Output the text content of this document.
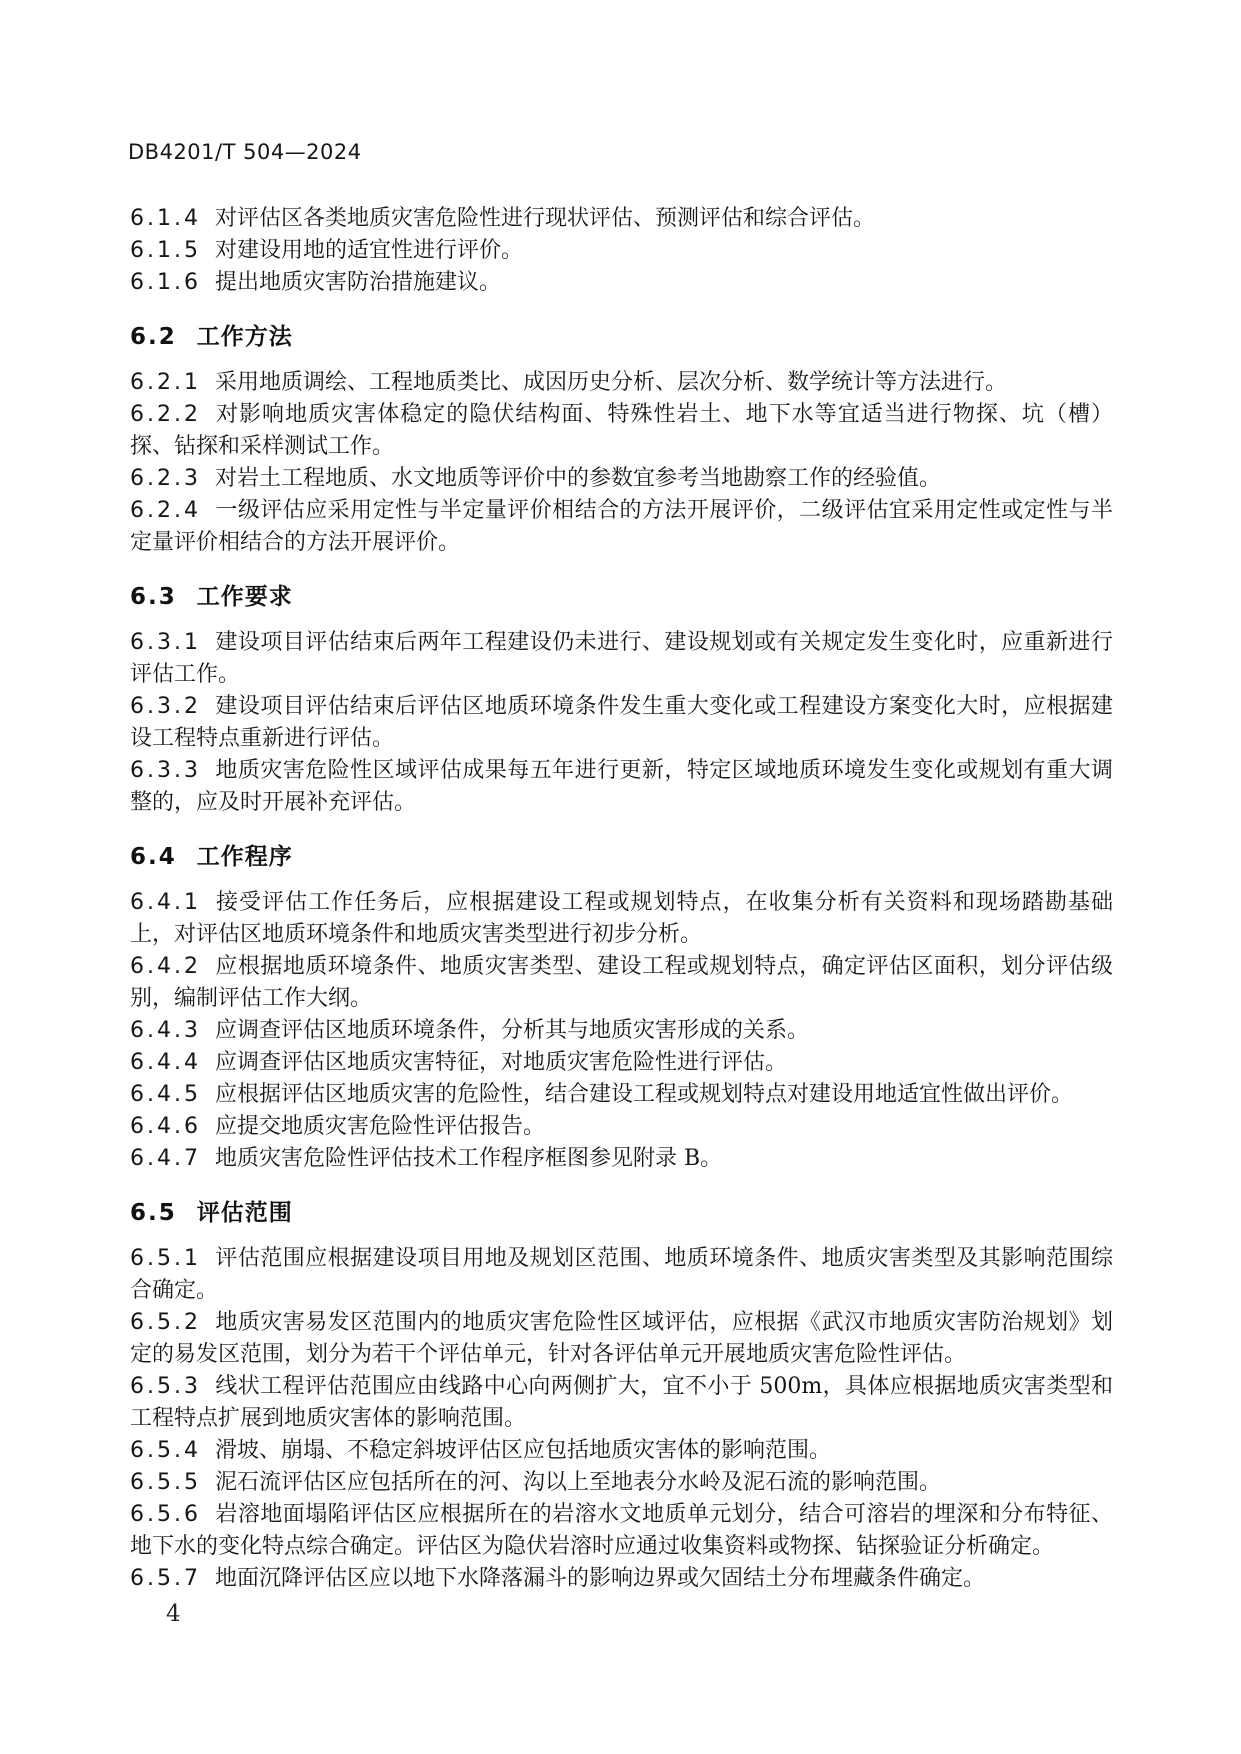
DB4201/T 504—2024

6.1.4 对评估区各类地质灾害危险性进行现状评估、预测评估和综合评估。

6.1.5 对建设用地的适宜性进行评价。

6.1.6 提出地质灾害防治措施建议。

6.2 工作方法

6.2.1 采用地质调绘、工程地质类比、成因历史分析、层次分析、数学统计等方法进行。

6.2.2 对影响地质灾害体稳定的隐伏结构面、特殊性岩土、地下水等宜适当进行物探、坑（槽）探、钻探和采样测试工作。

6.2.3 对岩土工程地质、水文地质等评价中的参数宜参考当地勘察工作的经验值。

6.2.4 一级评估应采用定性与半定量评价相结合的方法开展评价，二级评估宜采用定性或定性与半定量评价相结合的方法开展评价。

6.3 工作要求

6.3.1 建设项目评估结束后两年工程建设仍未进行、建设规划或有关规定发生变化时，应重新进行评估工作。

6.3.2 建设项目评估结束后评估区地质环境条件发生重大变化或工程建设方案变化大时，应根据建设工程特点重新进行评估。

6.3.3 地质灾害危险性区域评估成果每五年进行更新，特定区域地质环境发生变化或规划有重大调整的，应及时开展补充评估。

6.4 工作程序

6.4.1 接受评估工作任务后，应根据建设工程或规划特点，在收集分析有关资料和现场踏勘基础上，对评估区地质环境条件和地质灾害类型进行初步分析。

6.4.2 应根据地质环境条件、地质灾害类型、建设工程或规划特点，确定评估区面积，划分评估级别，编制评估工作大纲。

6.4.3 应调查评估区地质环境条件，分析其与地质灾害形成的关系。

6.4.4 应调查评估区地质灾害特征，对地质灾害危险性进行评估。

6.4.5 应根据评估区地质灾害的危险性，结合建设工程或规划特点对建设用地适宜性做出评价。

6.4.6 应提交地质灾害危险性评估报告。

6.4.7 地质灾害危险性评估技术工作程序框图参见附录 B。

6.5 评估范围

6.5.1 评估范围应根据建设项目用地及规划区范围、地质环境条件、地质灾害类型及其影响范围综合确定。

6.5.2 地质灾害易发区范围内的地质灾害危险性区域评估，应根据《武汉市地质灾害防治规划》划定的易发区范围，划分为若干个评估单元，针对各评估单元开展地质灾害危险性评估。

6.5.3 线状工程评估范围应由线路中心向两侧扩大，宜不小于 500m，具体应根据地质灾害类型和工程特点扩展到地质灾害体的影响范围。

6.5.4 滑坡、崩塌、不稳定斜坡评估区应包括地质灾害体的影响范围。

6.5.5 泥石流评估区应包括所在的河、沟以上至地表分水岭及泥石流的影响范围。

6.5.6 岩溶地面塌陷评估区应根据所在的岩溶水文地质单元划分，结合可溶岩的埋深和分布特征、地下水的变化特点综合确定。评估区为隐伏岩溶时应通过收集资料或物探、钻探验证分析确定。

6.5.7 地面沉降评估区应以地下水降落漏斗的影响边界或欠固结土分布埋藏条件确定。

4
